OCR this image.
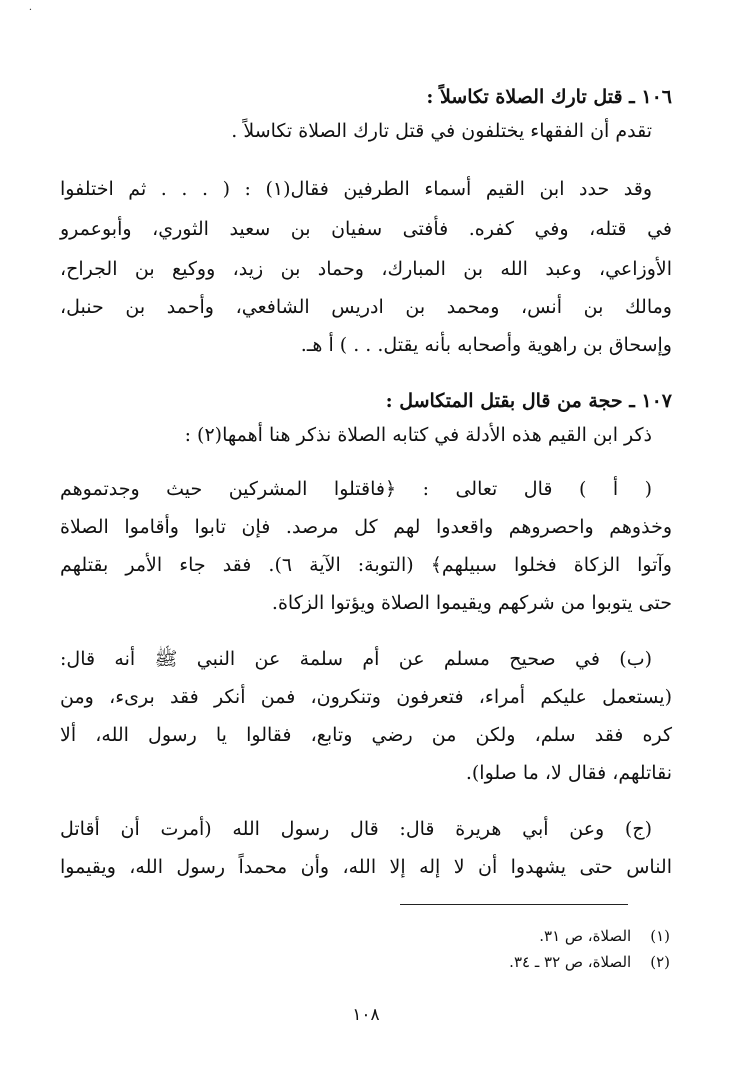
·
١٠٦ ـ قتل تارك الصلاة تكاسلاً :
تقدم أن الفقهاء يختلفون في قتل تارك الصلاة تكاسلاً .
وقد حدد ابن القيم أسماء الطرفين فقال(١) : ( . . . ثم اختلفوا
في قتله، وفي كفره. فأفتى سفيان بن سعيد الثوري، وأبوعمرو
الأوزاعي، وعبد الله بن المبارك، وحماد بن زيد، ووكيع بن الجراح،
ومالك بن أنس، ومحمد بن ادريس الشافعي، وأحمد بن حنبل،
وإسحاق بن راهوية وأصحابه بأنه يقتل. . . ) أ هـ.
١٠٧ ـ حجة من قال بقتل المتكاسل :
ذكر ابن القيم هذه الأدلة في كتابه الصلاة نذكر هنا أهمها(٢) :
( أ ) قال تعالى : ﴿فاقتلوا المشركين حيث وجدتموهم
وخذوهم واحصروهم واقعدوا لهم كل مرصد. فإن تابوا وأقاموا الصلاة
وآتوا الزكاة فخلوا سبيلهم﴾ (التوبة: الآية ٦). فقد جاء الأمر بقتلهم
حتى يتوبوا من شركهم ويقيموا الصلاة ويؤتوا الزكاة.
(ب) في صحيح مسلم عن أم سلمة عن النبي ﷺ أنه قال:
(يستعمل عليكم أمراء، فتعرفون وتنكرون، فمن أنكر فقد برىء، ومن
كره فقد سلم، ولكن من رضي وتابع، فقالوا يا رسول الله، ألا
نقاتلهم، فقال لا، ما صلوا).
(ج) وعن أبي هريرة قال: قال رسول الله (أمرت أن أقاتل
الناس حتى يشهدوا أن لا إله إلا الله، وأن محمداً رسول الله، ويقيموا
(١) الصلاة، ص ٣١.
(٢) الصلاة، ص ٣٢ ـ ٣٤.
١٠٨
